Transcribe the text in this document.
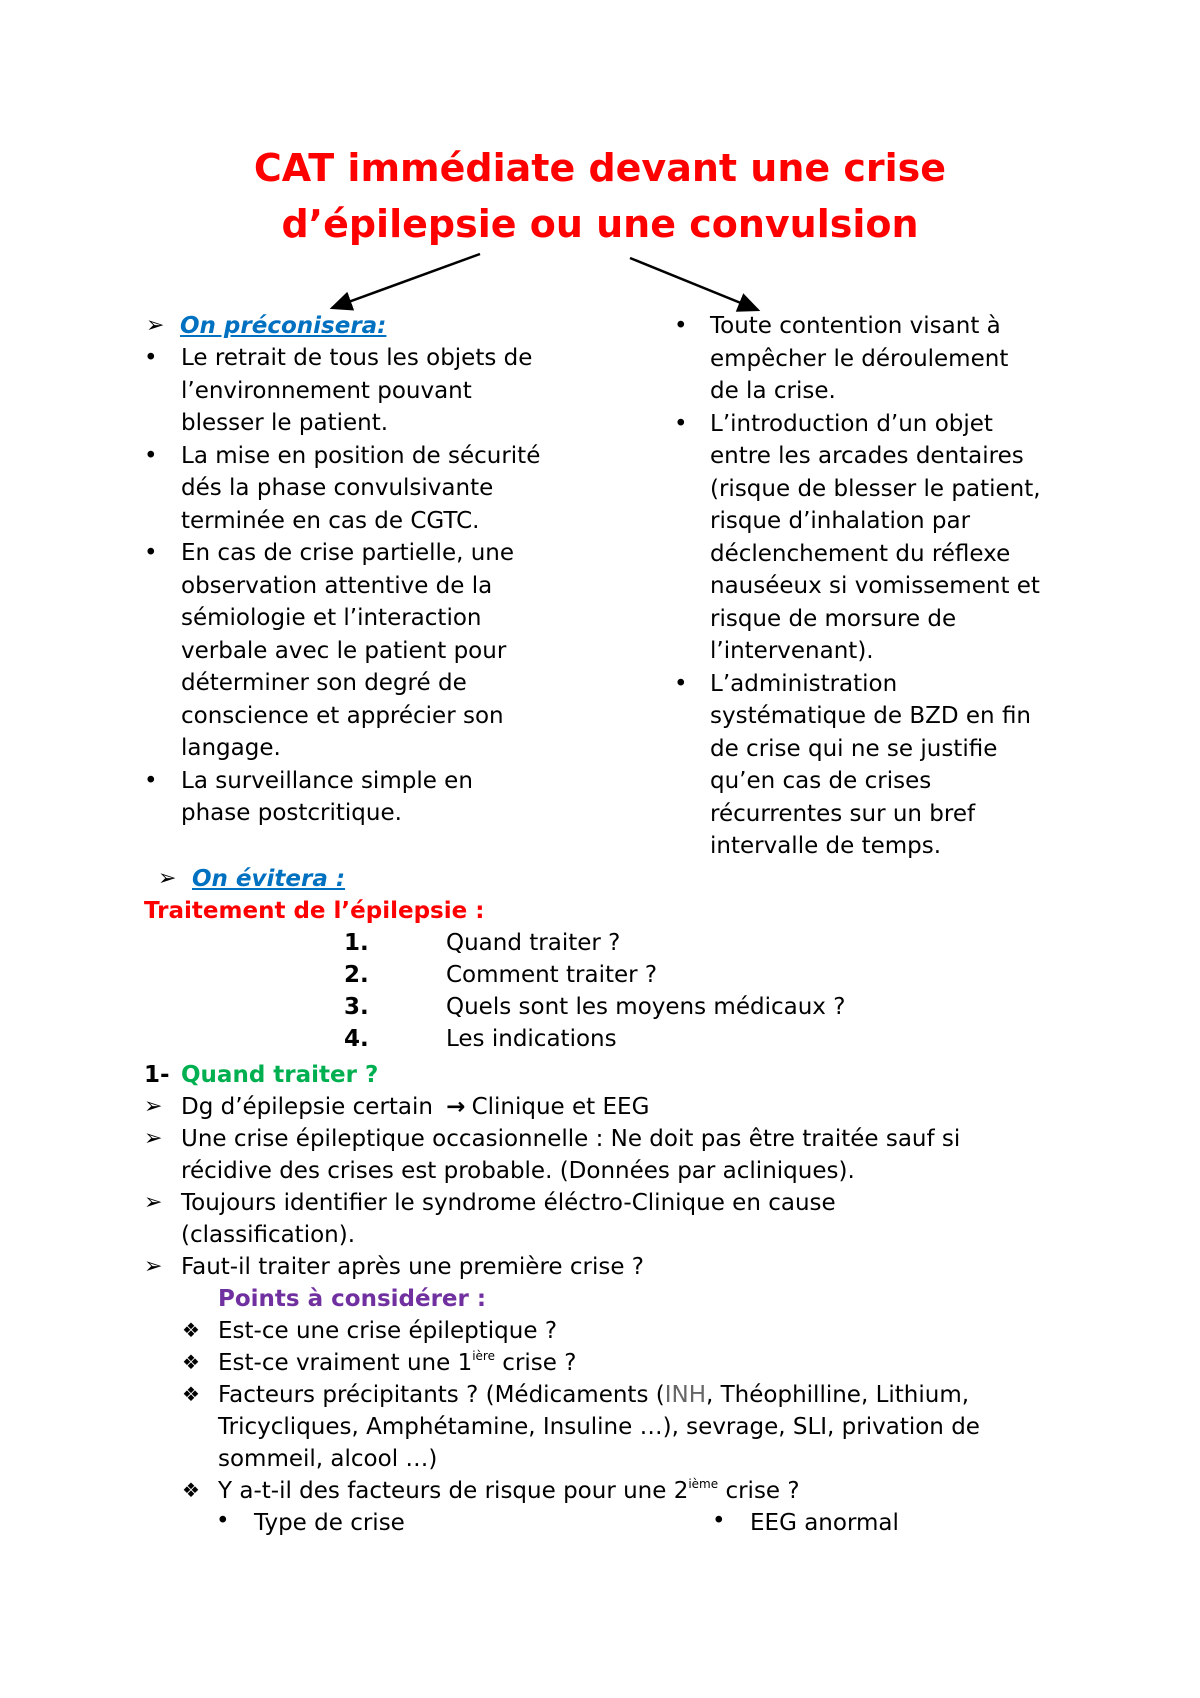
CAT immédiate devant une crise
d’épilepsie ou une convulsion
➢ On préconisera:
• Le retrait de tous les objets de
l’environnement pouvant
blesser le patient.
• La mise en position de sécurité
dés la phase convulsivante
terminée en cas de CGTC.
• En cas de crise partielle, une
observation attentive de la
sémiologie et l’interaction
verbale avec le patient pour
déterminer son degré de
conscience et apprécier son
langage.
• La surveillance simple en
phase postcritique.
• Toute contention visant à
empêcher le déroulement
de la crise.
• L’introduction d’un objet
entre les arcades dentaires
(risque de blesser le patient,
risque d’inhalation par
déclenchement du réflexe
nauséeux si vomissement et
risque de morsure de
l’intervenant).
• L’administration
systématique de BZD en fin
de crise qui ne se justifie
qu’en cas de crises
récurrentes sur un bref
intervalle de temps.
➢ On évitera :
Traitement de l’épilepsie :
1.	Quand traiter ?
2.	Comment traiter ?
3.	Quels sont les moyens médicaux ?
4.	Les indications
1- Quand traiter ?
➢ Dg d’épilepsie certain → Clinique et EEG
➢ Une crise épileptique occasionnelle : Ne doit pas être traitée sauf si
récidive des crises est probable. (Données par acliniques).
➢ Toujours identifier le syndrome éléctro-Clinique en cause
(classification).
➢ Faut-il traiter après une première crise ?
Points à considérer :
❖ Est-ce une crise épileptique ?
❖ Est-ce vraiment une $1^{ière}$ crise ?
❖ Facteurs précipitants ? (Médicaments (INH, Théophilline, Lithium,
Tricycliques, Amphétamine, Insuline …), sevrage, SLI, privation de
sommeil, alcool …)
❖ Y a-t-il des facteurs de risque pour une 2ième crise ?
• Type de crise	• EEG anormal
